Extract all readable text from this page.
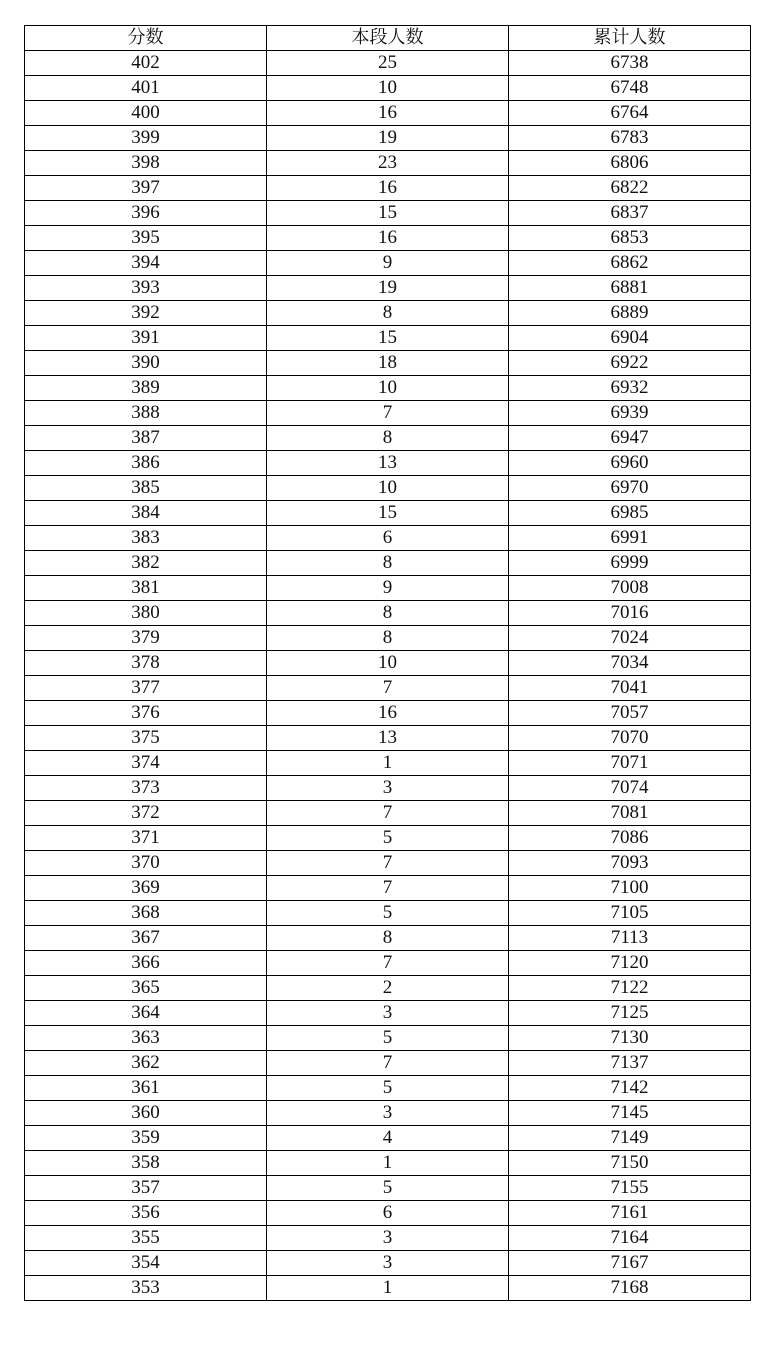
分数	本段人数	累计人数
402	25	6738
401	10	6748
400	16	6764
399	19	6783
398	23	6806
397	16	6822
396	15	6837
395	16	6853
394	9	6862
393	19	6881
392	8	6889
391	15	6904
390	18	6922
389	10	6932
388	7	6939
387	8	6947
386	13	6960
385	10	6970
384	15	6985
383	6	6991
382	8	6999
381	9	7008
380	8	7016
379	8	7024
378	10	7034
377	7	7041
376	16	7057
375	13	7070
374	1	7071
373	3	7074
372	7	7081
371	5	7086
370	7	7093
369	7	7100
368	5	7105
367	8	7113
366	7	7120
365	2	7122
364	3	7125
363	5	7130
362	7	7137
361	5	7142
360	3	7145
359	4	7149
358	1	7150
357	5	7155
356	6	7161
355	3	7164
354	3	7167
353	1	7168
